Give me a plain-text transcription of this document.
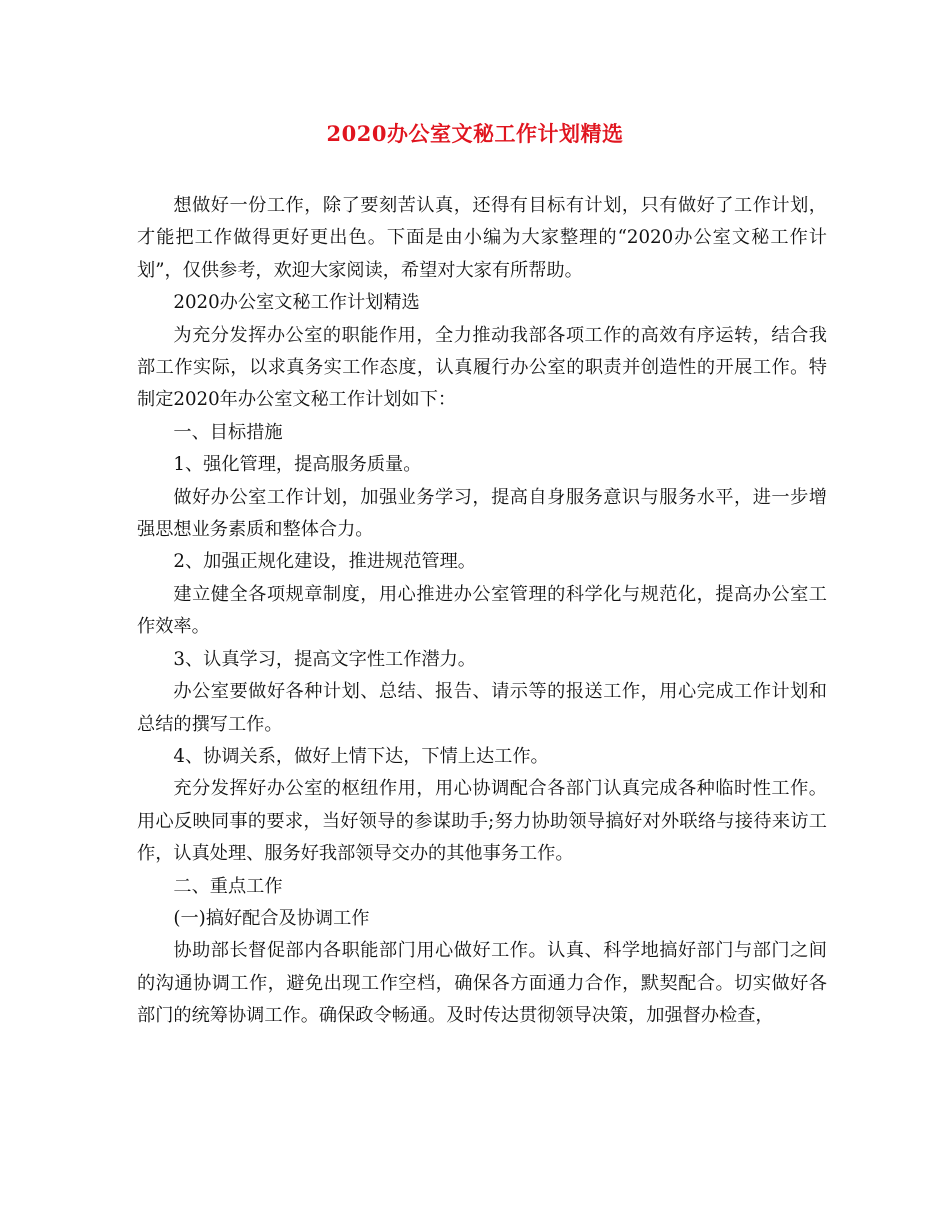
2020办公室文秘工作计划精选

想做好一份工作，除了要刻苦认真，还得有目标有计划，只有做好了工作计划，才能把工作做得更好更出色。下面是由小编为大家整理的“2020办公室文秘工作计划”，仅供参考，欢迎大家阅读，希望对大家有所帮助。

2020办公室文秘工作计划精选

为充分发挥办公室的职能作用，全力推动我部各项工作的高效有序运转，结合我部工作实际，以求真务实工作态度，认真履行办公室的职责并创造性的开展工作。特制定2020年办公室文秘工作计划如下：

一、目标措施

1、强化管理，提高服务质量。

做好办公室工作计划，加强业务学习，提高自身服务意识与服务水平，进一步增强思想业务素质和整体合力。

2、加强正规化建设，推进规范管理。

建立健全各项规章制度，用心推进办公室管理的科学化与规范化，提高办公室工作效率。

3、认真学习，提高文字性工作潜力。

办公室要做好各种计划、总结、报告、请示等的报送工作，用心完成工作计划和总结的撰写工作。

4、协调关系，做好上情下达，下情上达工作。

充分发挥好办公室的枢纽作用，用心协调配合各部门认真完成各种临时性工作。用心反映同事的要求，当好领导的参谋助手;努力协助领导搞好对外联络与接待来访工作，认真处理、服务好我部领导交办的其他事务工作。

二、重点工作

(一)搞好配合及协调工作

协助部长督促部内各职能部门用心做好工作。认真、科学地搞好部门与部门之间的沟通协调工作，避免出现工作空档，确保各方面通力合作，默契配合。切实做好各部门的统筹协调工作。确保政令畅通。及时传达贯彻领导决策，加强督办检查，
